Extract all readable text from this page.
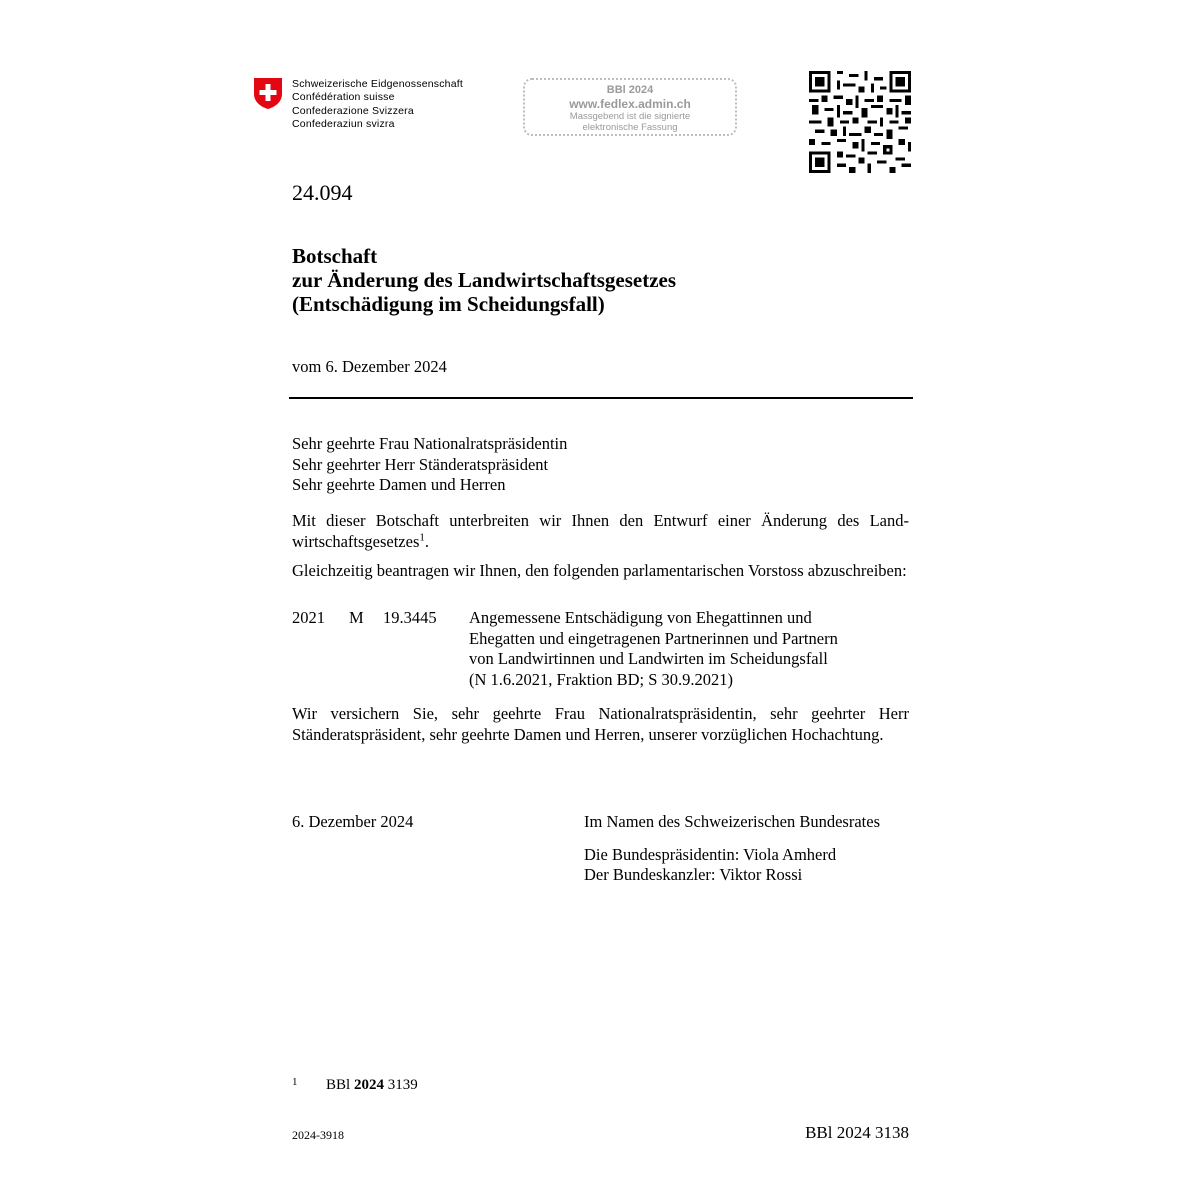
Schweizerische Eidgenossenschaft
Confédération suisse
Confederazione Svizzera
Confederaziun svizra
BBl 2024
www.fedlex.admin.ch
Massgebend ist die signierte
elektronische Fassung
24.094
Botschaft
zur Änderung des Landwirtschaftsgesetzes
(Entschädigung im Scheidungsfall)
vom 6. Dezember 2024
Sehr geehrte Frau Nationalratspräsidentin
Sehr geehrter Herr Ständeratspräsident
Sehr geehrte Damen und Herren
Mit dieser Botschaft unterbreiten wir Ihnen den Entwurf einer Änderung des Landwirtschaftsgesetzes$^1$.
Gleichzeitig beantragen wir Ihnen, den folgenden parlamentarischen Vorstoss abzuschreiben:
2021 M 19.3445 Angemessene Entschädigung von Ehegattinnen und
Ehegatten und eingetragenen Partnerinnen und Partnern
von Landwirtinnen und Landwirten im Scheidungsfall
(N 1.6.2021, Fraktion BD; S 30.9.2021)
Wir versichern Sie, sehr geehrte Frau Nationalratspräsidentin, sehr geehrter Herr Ständeratspräsident, sehr geehrte Damen und Herren, unserer vorzüglichen Hochachtung.
6. Dezember 2024	Im Namen des Schweizerischen Bundesrates
Die Bundespräsidentin: Viola Amherd
Der Bundeskanzler: Viktor Rossi
1 BBl 2024 3139
2024-3918	BBl 2024 3138
